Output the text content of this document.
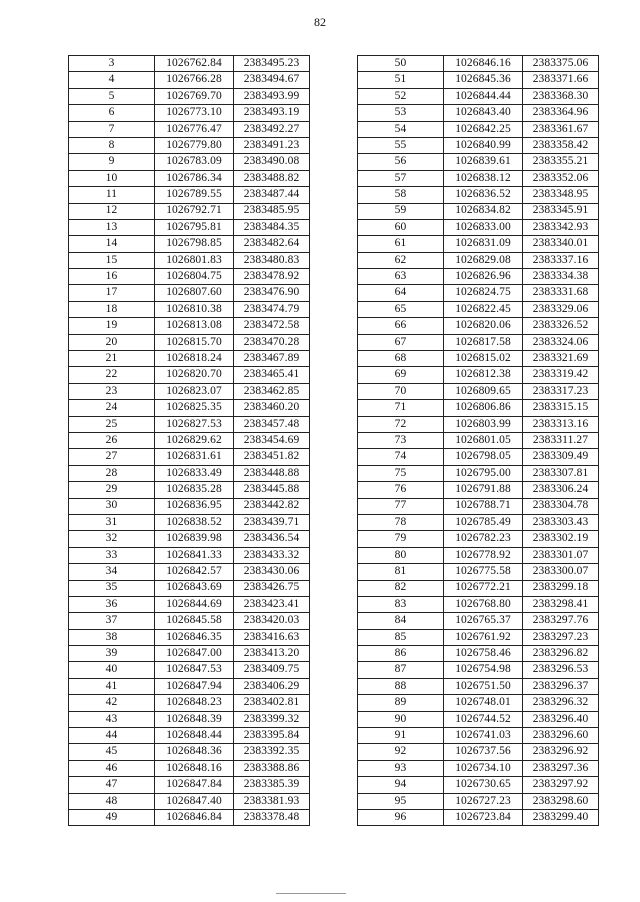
82
3	1026762.84	2383495.23
4	1026766.28	2383494.67
5	1026769.70	2383493.99
6	1026773.10	2383493.19
7	1026776.47	2383492.27
8	1026779.80	2383491.23
9	1026783.09	2383490.08
10	1026786.34	2383488.82
11	1026789.55	2383487.44
12	1026792.71	2383485.95
13	1026795.81	2383484.35
14	1026798.85	2383482.64
15	1026801.83	2383480.83
16	1026804.75	2383478.92
17	1026807.60	2383476.90
18	1026810.38	2383474.79
19	1026813.08	2383472.58
20	1026815.70	2383470.28
21	1026818.24	2383467.89
22	1026820.70	2383465.41
23	1026823.07	2383462.85
24	1026825.35	2383460.20
25	1026827.53	2383457.48
26	1026829.62	2383454.69
27	1026831.61	2383451.82
28	1026833.49	2383448.88
29	1026835.28	2383445.88
30	1026836.95	2383442.82
31	1026838.52	2383439.71
32	1026839.98	2383436.54
33	1026841.33	2383433.32
34	1026842.57	2383430.06
35	1026843.69	2383426.75
36	1026844.69	2383423.41
37	1026845.58	2383420.03
38	1026846.35	2383416.63
39	1026847.00	2383413.20
40	1026847.53	2383409.75
41	1026847.94	2383406.29
42	1026848.23	2383402.81
43	1026848.39	2383399.32
44	1026848.44	2383395.84
45	1026848.36	2383392.35
46	1026848.16	2383388.86
47	1026847.84	2383385.39
48	1026847.40	2383381.93
49	1026846.84	2383378.48
50	1026846.16	2383375.06
51	1026845.36	2383371.66
52	1026844.44	2383368.30
53	1026843.40	2383364.96
54	1026842.25	2383361.67
55	1026840.99	2383358.42
56	1026839.61	2383355.21
57	1026838.12	2383352.06
58	1026836.52	2383348.95
59	1026834.82	2383345.91
60	1026833.00	2383342.93
61	1026831.09	2383340.01
62	1026829.08	2383337.16
63	1026826.96	2383334.38
64	1026824.75	2383331.68
65	1026822.45	2383329.06
66	1026820.06	2383326.52
67	1026817.58	2383324.06
68	1026815.02	2383321.69
69	1026812.38	2383319.42
70	1026809.65	2383317.23
71	1026806.86	2383315.15
72	1026803.99	2383313.16
73	1026801.05	2383311.27
74	1026798.05	2383309.49
75	1026795.00	2383307.81
76	1026791.88	2383306.24
77	1026788.71	2383304.78
78	1026785.49	2383303.43
79	1026782.23	2383302.19
80	1026778.92	2383301.07
81	1026775.58	2383300.07
82	1026772.21	2383299.18
83	1026768.80	2383298.41
84	1026765.37	2383297.76
85	1026761.92	2383297.23
86	1026758.46	2383296.82
87	1026754.98	2383296.53
88	1026751.50	2383296.37
89	1026748.01	2383296.32
90	1026744.52	2383296.40
91	1026741.03	2383296.60
92	1026737.56	2383296.92
93	1026734.10	2383297.36
94	1026730.65	2383297.92
95	1026727.23	2383298.60
96	1026723.84	2383299.40
